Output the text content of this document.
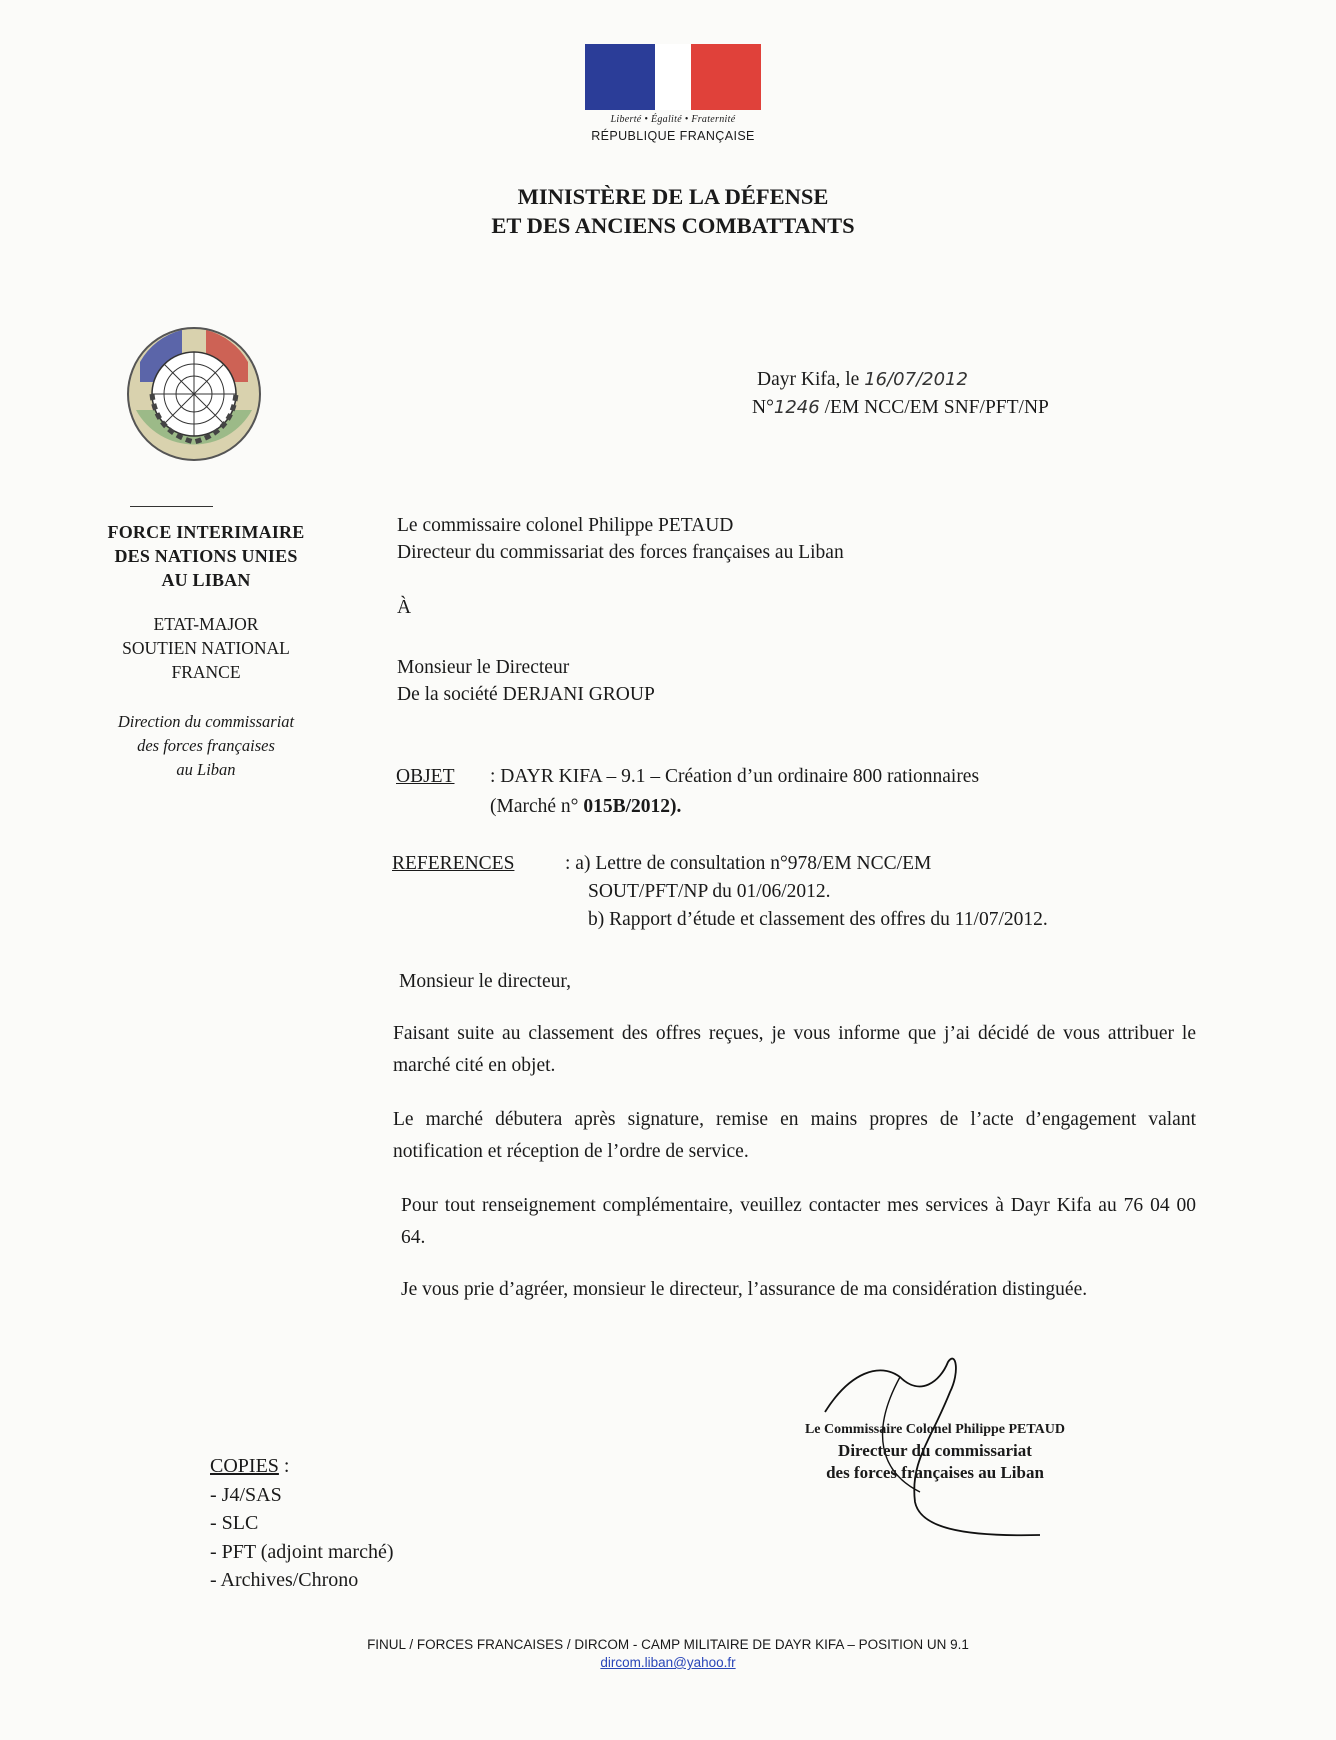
Liberté • Égalité • Fraternité
RÉPUBLIQUE FRANÇAISE
MINISTÈRE DE LA DÉFENSE
ET DES ANCIENS COMBATTANTS
FORCE INTERIMAIRE
DES NATIONS UNIES
AU LIBAN
ETAT-MAJOR
SOUTIEN NATIONAL
FRANCE
Direction du commissariat
des forces françaises
au Liban
Dayr Kifa, le 16/07/2012
N°1246 /EM NCC/EM SNF/PFT/NP
Le commissaire colonel Philippe PETAUD
Directeur du commissariat des forces françaises au Liban
À
Monsieur le Directeur
De la société DERJANI GROUP
OBJET : DAYR KIFA – 9.1 – Création d’un ordinaire 800 rationnaires
(Marché n° 015B/2012).
REFERENCES	: a) Lettre de consultation n°978/EM NCC/EM
SOUT/PFT/NP du 01/06/2012.
b) Rapport d’étude et classement des offres du 11/07/2012.
Monsieur le directeur,
Faisant suite au classement des offres reçues, je vous informe que j’ai décidé de vous attribuer le marché cité en objet.
Le marché débutera après signature, remise en mains propres de l’acte d’engagement valant notification et réception de l’ordre de service.
Pour tout renseignement complémentaire, veuillez contacter mes services à Dayr Kifa au 76 04 00 64.
Je vous prie d’agréer, monsieur le directeur, l’assurance de ma considération distinguée.
Le Commissaire Colonel Philippe PETAUD
Directeur du commissariat
des forces françaises au Liban
COPIES :
- J4/SAS
- SLC
- PFT (adjoint marché)
- Archives/Chrono
FINUL / FORCES FRANCAISES / DIRCOM - CAMP MILITAIRE DE DAYR KIFA – POSITION UN 9.1
dircom.liban@yahoo.fr
